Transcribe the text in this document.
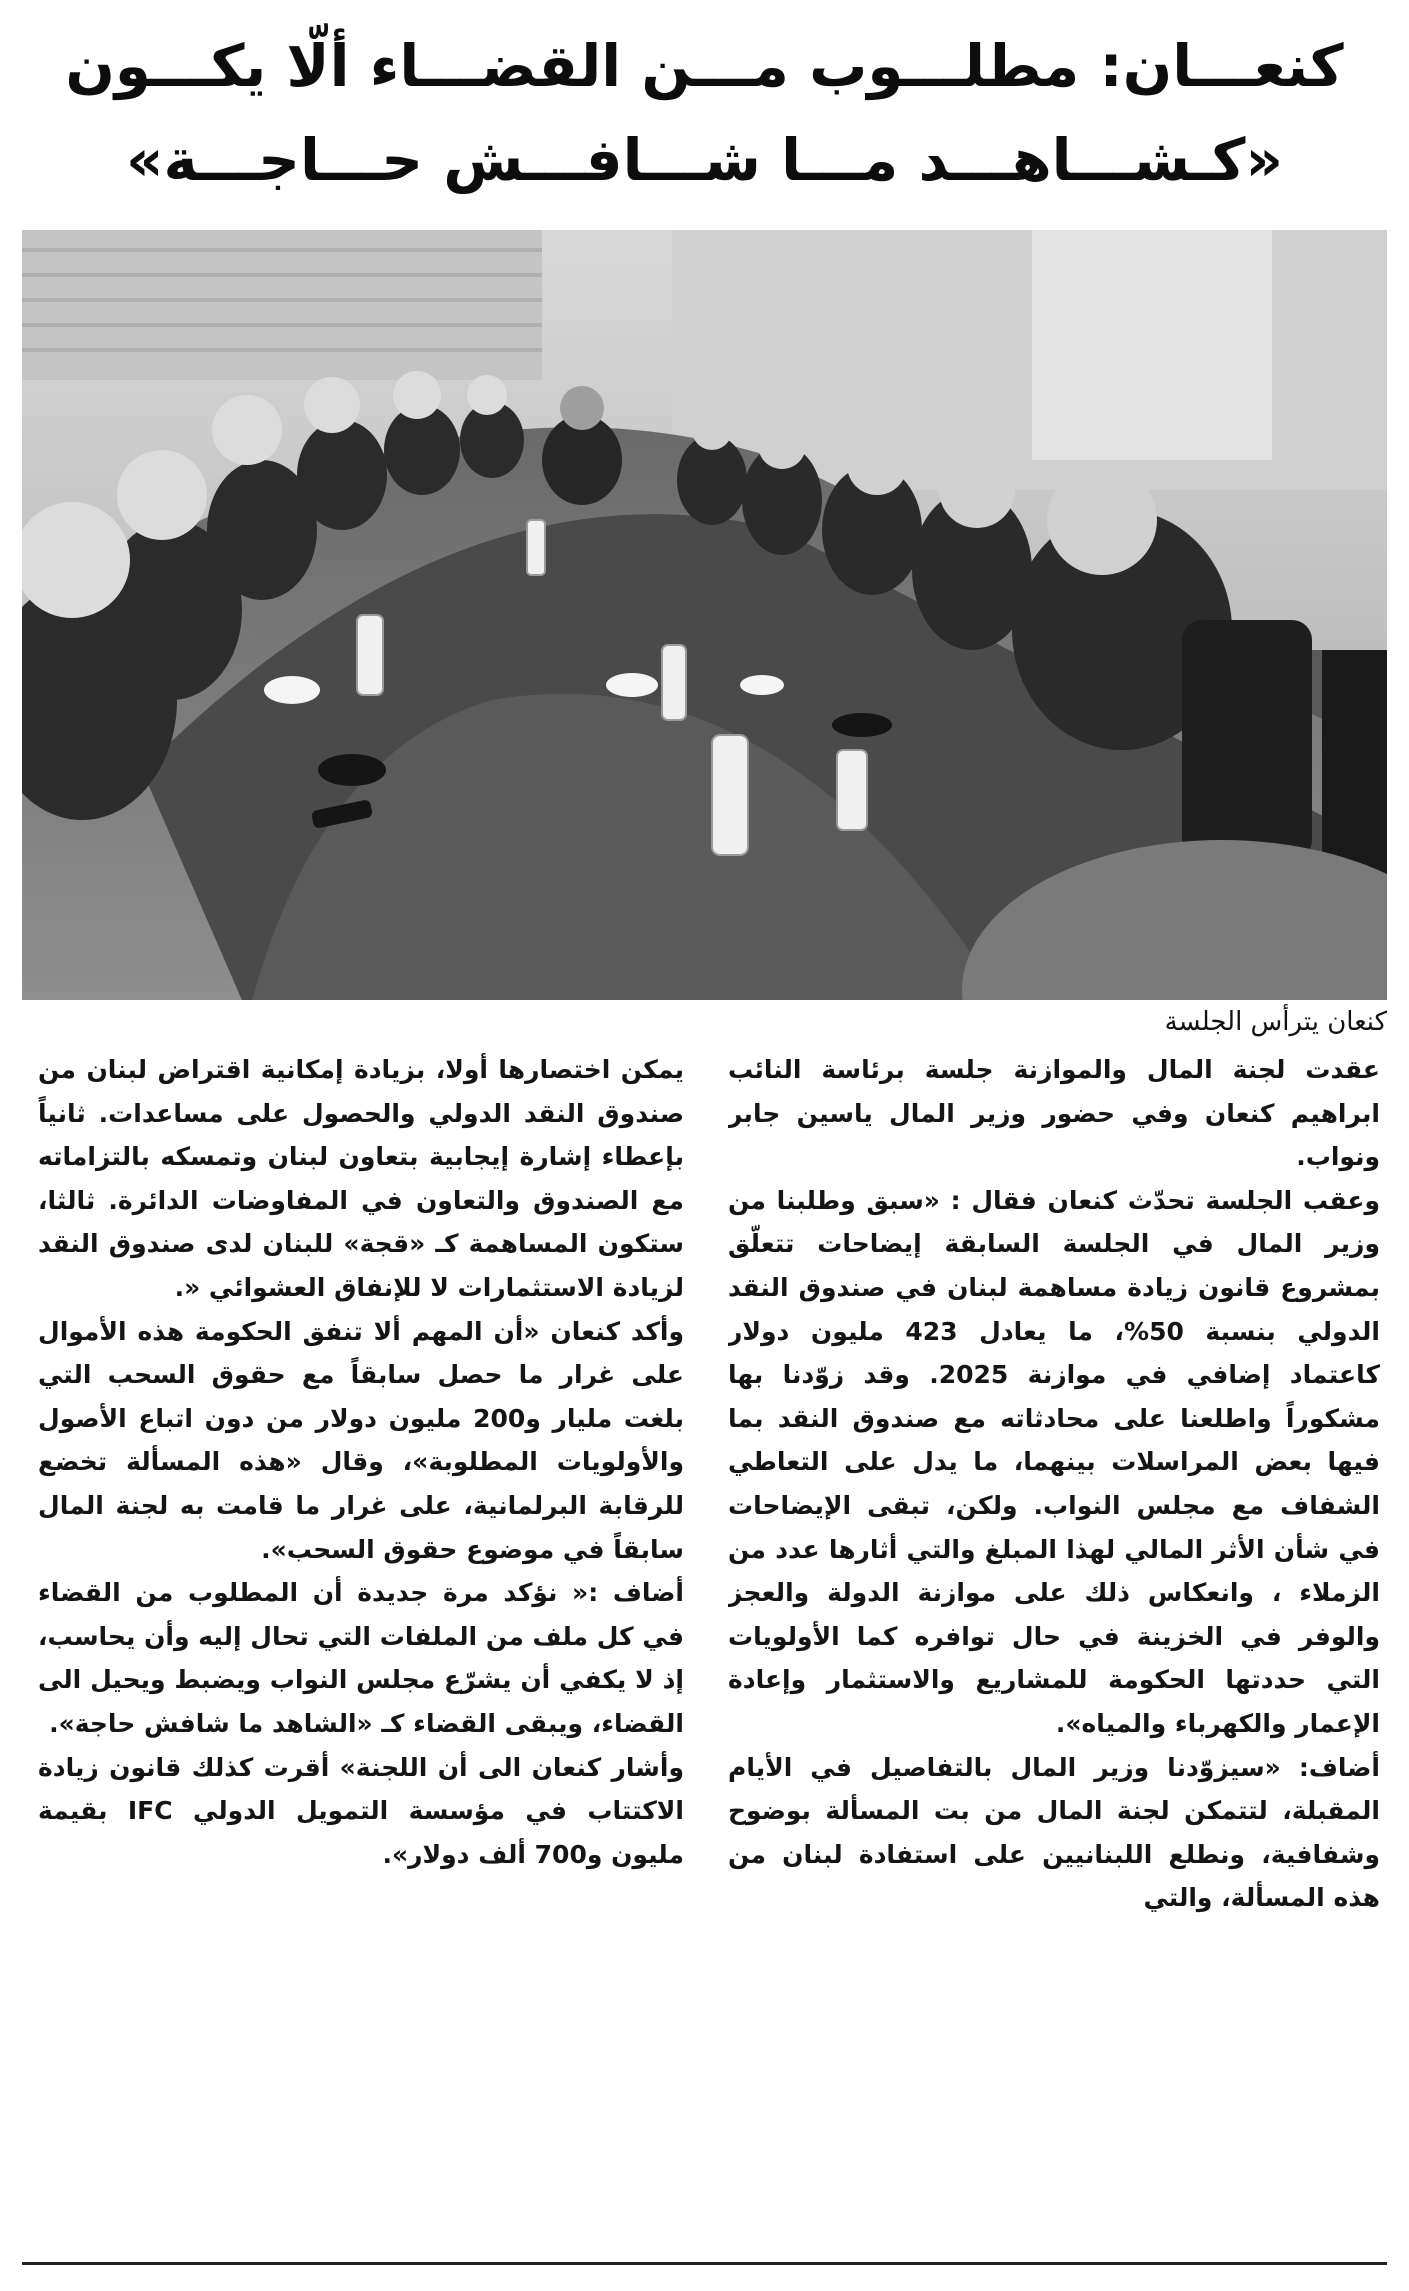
كنعـــان: مطلـــوب مـــن القضـــاء ألّا يكـــون
«كـشـــاهـــد مـــا شـــافـــش حـــاجـــة»
كنعان يترأس الجلسة

عقدت لجنة المال والموازنة جلسة برئاسة النائب ابراهيم كنعان وفي حضور وزير المال ياسين جابر ونواب.

وعقب الجلسة تحدّث كنعان فقال : «سبق وطلبنا من وزير المال في الجلسة السابقة إيضاحات تتعلّق بمشروع قانون زيادة مساهمة لبنان في صندوق النقد الدولي بنسبة 50%، ما يعادل 423 مليون دولار كاعتماد إضافي في موازنة 2025. وقد زوّدنا بها مشكوراً واطلعنا على محادثاته مع صندوق النقد بما فيها بعض المراسلات بينهما، ما يدل على التعاطي الشفاف مع مجلس النواب. ولكن، تبقى الإيضاحات في شأن الأثر المالي لهذا المبلغ والتي أثارها عدد من الزملاء ، وانعكاس ذلك على موازنة الدولة والعجز والوفر في الخزينة في حال توافره كما الأولويات التي حددتها الحكومة للمشاريع والاستثمار وإعادة الإعمار والكهرباء والمياه».

أضاف: «سيزوّدنا وزير المال بالتفاصيل في الأيام المقبلة، لتتمكن لجنة المال من بت المسألة بوضوح وشفافية، ونطلع اللبنانيين على استفادة لبنان من هذه المسألة، والتي

يمكن اختصارها أولا، بزيادة إمكانية اقتراض لبنان من صندوق النقد الدولي والحصول على مساعدات. ثانياً بإعطاء إشارة إيجابية بتعاون لبنان وتمسكه بالتزاماته مع الصندوق والتعاون في المفاوضات الدائرة. ثالثا، ستكون المساهمة كـ «قجة» للبنان لدى صندوق النقد لزيادة الاستثمارات لا للإنفاق العشوائي «.

وأكد كنعان «أن المهم ألا تنفق الحكومة هذه الأموال على غرار ما حصل سابقاً مع حقوق السحب التي بلغت مليار و200 مليون دولار من دون اتباع الأصول والأولويات المطلوبة»، وقال «هذه المسألة تخضع للرقابة البرلمانية، على غرار ما قامت به لجنة المال سابقاً في موضوع حقوق السحب».

أضاف :« نؤكد مرة جديدة أن المطلوب من القضاء في كل ملف من الملفات التي تحال إليه وأن يحاسب، إذ لا يكفي أن يشرّع مجلس النواب ويضبط ويحيل الى القضاء، ويبقى القضاء كـ «الشاهد ما شافش حاجة».

وأشار كنعان الى أن اللجنة» أقرت كذلك قانون زيادة الاكتتاب في مؤسسة التمويل الدولي IFC بقيمة مليون و700 ألف دولار».
